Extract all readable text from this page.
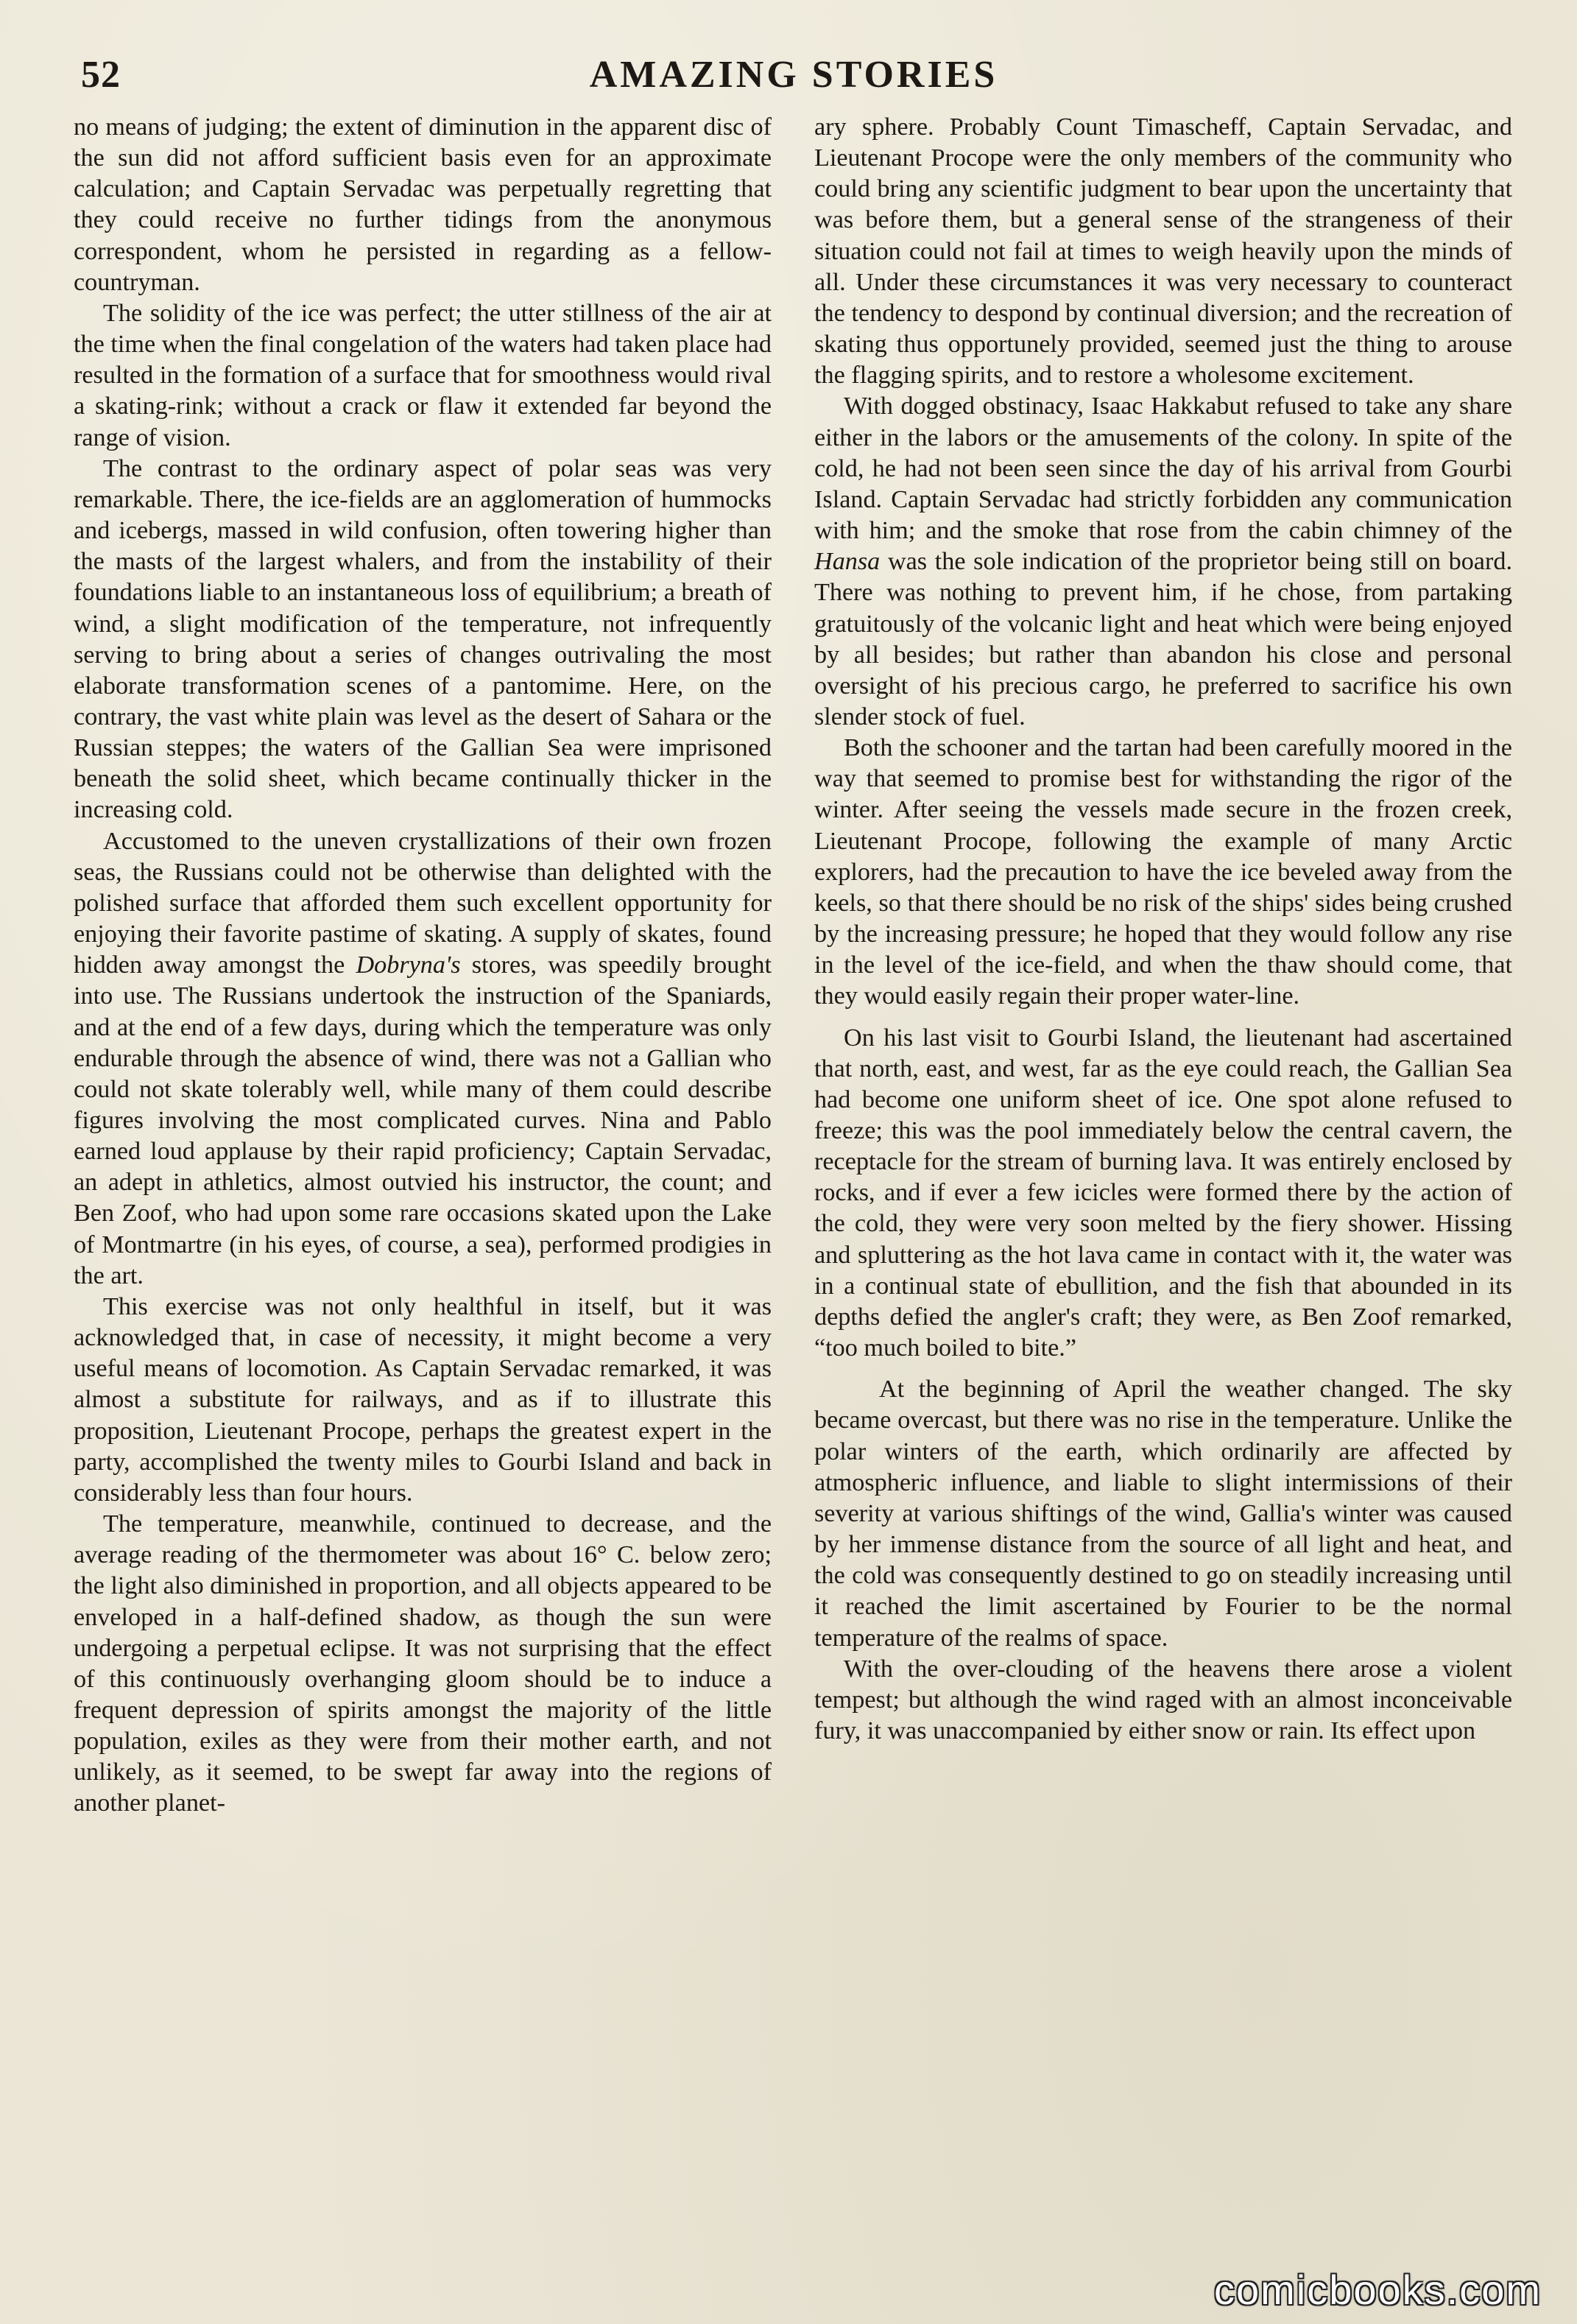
52	AMAZING STORIES

no means of judging; the extent of diminution in the apparent disc of the sun did not afford sufficient basis even for an approximate calculation; and Captain Servadac was perpetually regretting that they could receive no further tidings from the anonymous correspondent, whom he persisted in regarding as a fellow-countryman.

The solidity of the ice was perfect; the utter stillness of the air at the time when the final congelation of the waters had taken place had resulted in the formation of a surface that for smoothness would rival a skating-rink; without a crack or flaw it extended far beyond the range of vision.

The contrast to the ordinary aspect of polar seas was very remarkable. There, the ice-fields are an agglomeration of hummocks and icebergs, massed in wild confusion, often towering higher than the masts of the largest whalers, and from the instability of their foundations liable to an instantaneous loss of equilibrium; a breath of wind, a slight modification of the temperature, not infrequently serving to bring about a series of changes outrivaling the most elaborate transformation scenes of a pantomime. Here, on the contrary, the vast white plain was level as the desert of Sahara or the Russian steppes; the waters of the Gallian Sea were imprisoned beneath the solid sheet, which became continually thicker in the increasing cold.

Accustomed to the uneven crystallizations of their own frozen seas, the Russians could not be otherwise than delighted with the polished surface that afforded them such excellent opportunity for enjoying their favorite pastime of skating. A supply of skates, found hidden away amongst the Dobryna's stores, was speedily brought into use. The Russians undertook the instruction of the Spaniards, and at the end of a few days, during which the temperature was only endurable through the absence of wind, there was not a Gallian who could not skate tolerably well, while many of them could describe figures involving the most complicated curves. Nina and Pablo earned loud applause by their rapid proficiency; Captain Servadac, an adept in athletics, almost outvied his instructor, the count; and Ben Zoof, who had upon some rare occasions skated upon the Lake of Montmartre (in his eyes, of course, a sea), performed prodigies in the art.

This exercise was not only healthful in itself, but it was acknowledged that, in case of necessity, it might become a very useful means of locomotion. As Captain Servadac remarked, it was almost a substitute for railways, and as if to illustrate this proposition, Lieutenant Procope, perhaps the greatest expert in the party, accomplished the twenty miles to Gourbi Island and back in considerably less than four hours.

The temperature, meanwhile, continued to decrease, and the average reading of the thermometer was about 16° C. below zero; the light also diminished in proportion, and all objects appeared to be enveloped in a half-defined shadow, as though the sun were undergoing a perpetual eclipse. It was not surprising that the effect of this continuously overhanging gloom should be to induce a frequent depression of spirits amongst the majority of the little population, exiles as they were from their mother earth, and not unlikely, as it seemed, to be swept far away into the regions of another planet-

ary sphere. Probably Count Timascheff, Captain Servadac, and Lieutenant Procope were the only members of the community who could bring any scientific judgment to bear upon the uncertainty that was before them, but a general sense of the strangeness of their situation could not fail at times to weigh heavily upon the minds of all. Under these circumstances it was very necessary to counteract the tendency to despond by continual diversion; and the recreation of skating thus opportunely provided, seemed just the thing to arouse the flagging spirits, and to restore a wholesome excitement.

With dogged obstinacy, Isaac Hakkabut refused to take any share either in the labors or the amusements of the colony. In spite of the cold, he had not been seen since the day of his arrival from Gourbi Island. Captain Servadac had strictly forbidden any communication with him; and the smoke that rose from the cabin chimney of the Hansa was the sole indication of the proprietor being still on board. There was nothing to prevent him, if he chose, from partaking gratuitously of the volcanic light and heat which were being enjoyed by all besides; but rather than abandon his close and personal oversight of his precious cargo, he preferred to sacrifice his own slender stock of fuel.

Both the schooner and the tartan had been carefully moored in the way that seemed to promise best for withstanding the rigor of the winter. After seeing the vessels made secure in the frozen creek, Lieutenant Procope, following the example of many Arctic explorers, had the precaution to have the ice beveled away from the keels, so that there should be no risk of the ships' sides being crushed by the increasing pressure; he hoped that they would follow any rise in the level of the ice-field, and when the thaw should come, that they would easily regain their proper water-line.

On his last visit to Gourbi Island, the lieutenant had ascertained that north, east, and west, far as the eye could reach, the Gallian Sea had become one uniform sheet of ice. One spot alone refused to freeze; this was the pool immediately below the central cavern, the receptacle for the stream of burning lava. It was entirely enclosed by rocks, and if ever a few icicles were formed there by the action of the cold, they were very soon melted by the fiery shower. Hissing and spluttering as the hot lava came in contact with it, the water was in a continual state of ebullition, and the fish that abounded in its depths defied the angler's craft; they were, as Ben Zoof remarked, “too much boiled to bite.”

At the beginning of April the weather changed. The sky became overcast, but there was no rise in the temperature. Unlike the polar winters of the earth, which ordinarily are affected by atmospheric influence, and liable to slight intermissions of their severity at various shiftings of the wind, Gallia's winter was caused by her immense distance from the source of all light and heat, and the cold was consequently destined to go on steadily increasing until it reached the limit ascertained by Fourier to be the normal temperature of the realms of space.

With the over-clouding of the heavens there arose a violent tempest; but although the wind raged with an almost inconceivable fury, it was unaccompanied by either snow or rain. Its effect upon

comicbooks.com
